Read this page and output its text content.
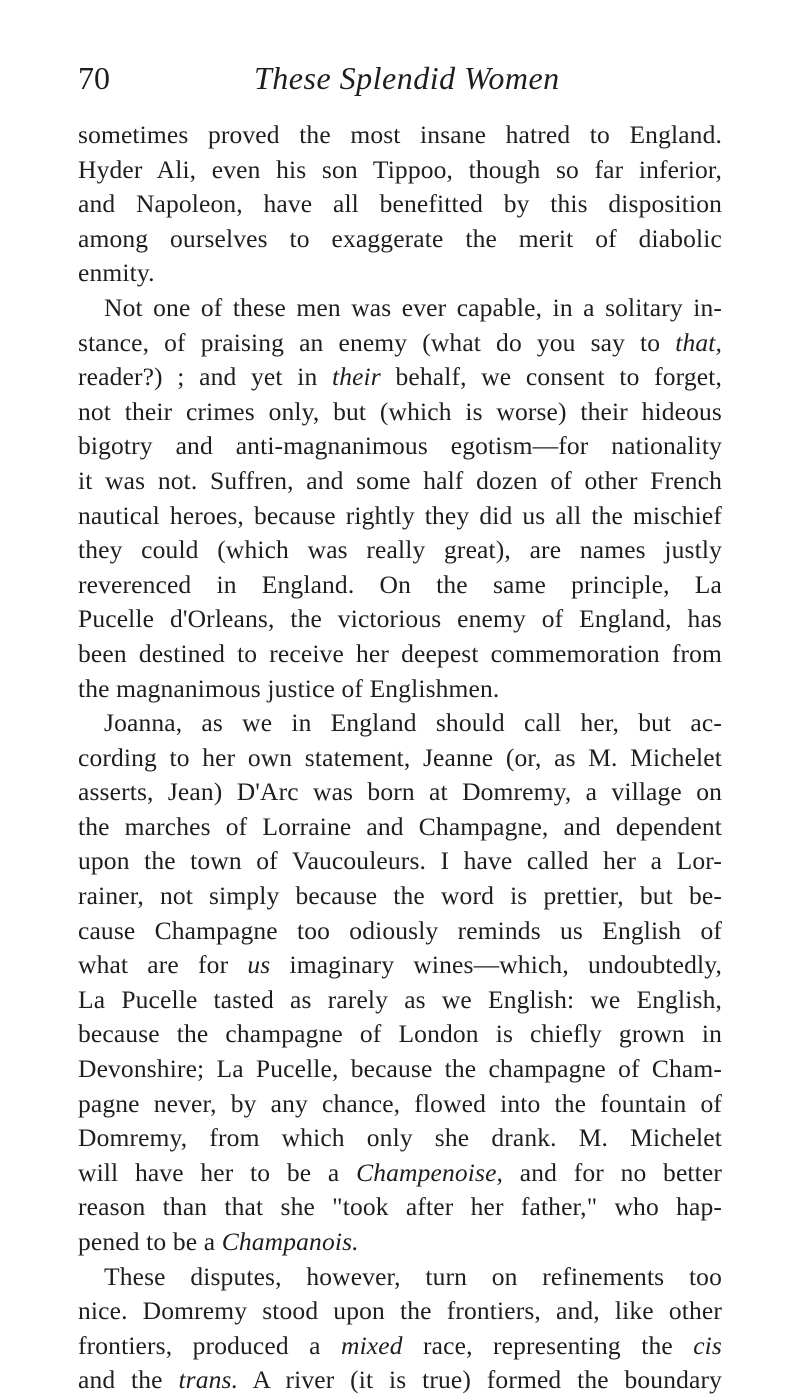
70	These Splendid Women
sometimes proved the most insane hatred to England.
Hyder Ali, even his son Tippoo, though so far inferior,
and Napoleon, have all benefitted by this disposition
among ourselves to exaggerate the merit of diabolic
enmity.
Not one of these men was ever capable, in a solitary in-
stance, of praising an enemy (what do you say to that,
reader?) ; and yet in their behalf, we consent to forget,
not their crimes only, but (which is worse) their hideous
bigotry and anti-magnanimous egotism—for nationality
it was not. Suffren, and some half dozen of other French
nautical heroes, because rightly they did us all the mischief
they could (which was really great), are names justly
reverenced in England. On the same principle, La
Pucelle d'Orleans, the victorious enemy of England, has
been destined to receive her deepest commemoration from
the magnanimous justice of Englishmen.
Joanna, as we in England should call her, but ac-
cording to her own statement, Jeanne (or, as M. Michelet
asserts, Jean) D'Arc was born at Domremy, a village on
the marches of Lorraine and Champagne, and dependent
upon the town of Vaucouleurs. I have called her a Lor-
rainer, not simply because the word is prettier, but be-
cause Champagne too odiously reminds us English of
what are for us imaginary wines—which, undoubtedly,
La Pucelle tasted as rarely as we English: we English,
because the champagne of London is chiefly grown in
Devonshire; La Pucelle, because the champagne of Cham-
pagne never, by any chance, flowed into the fountain of
Domremy, from which only she drank. M. Michelet
will have her to be a Champenoise, and for no better
reason than that she "took after her father," who hap-
pened to be a Champanois.
These disputes, however, turn on refinements too
nice. Domremy stood upon the frontiers, and, like other
frontiers, produced a mixed race, representing the cis
and the trans. A river (it is true) formed the boundary
